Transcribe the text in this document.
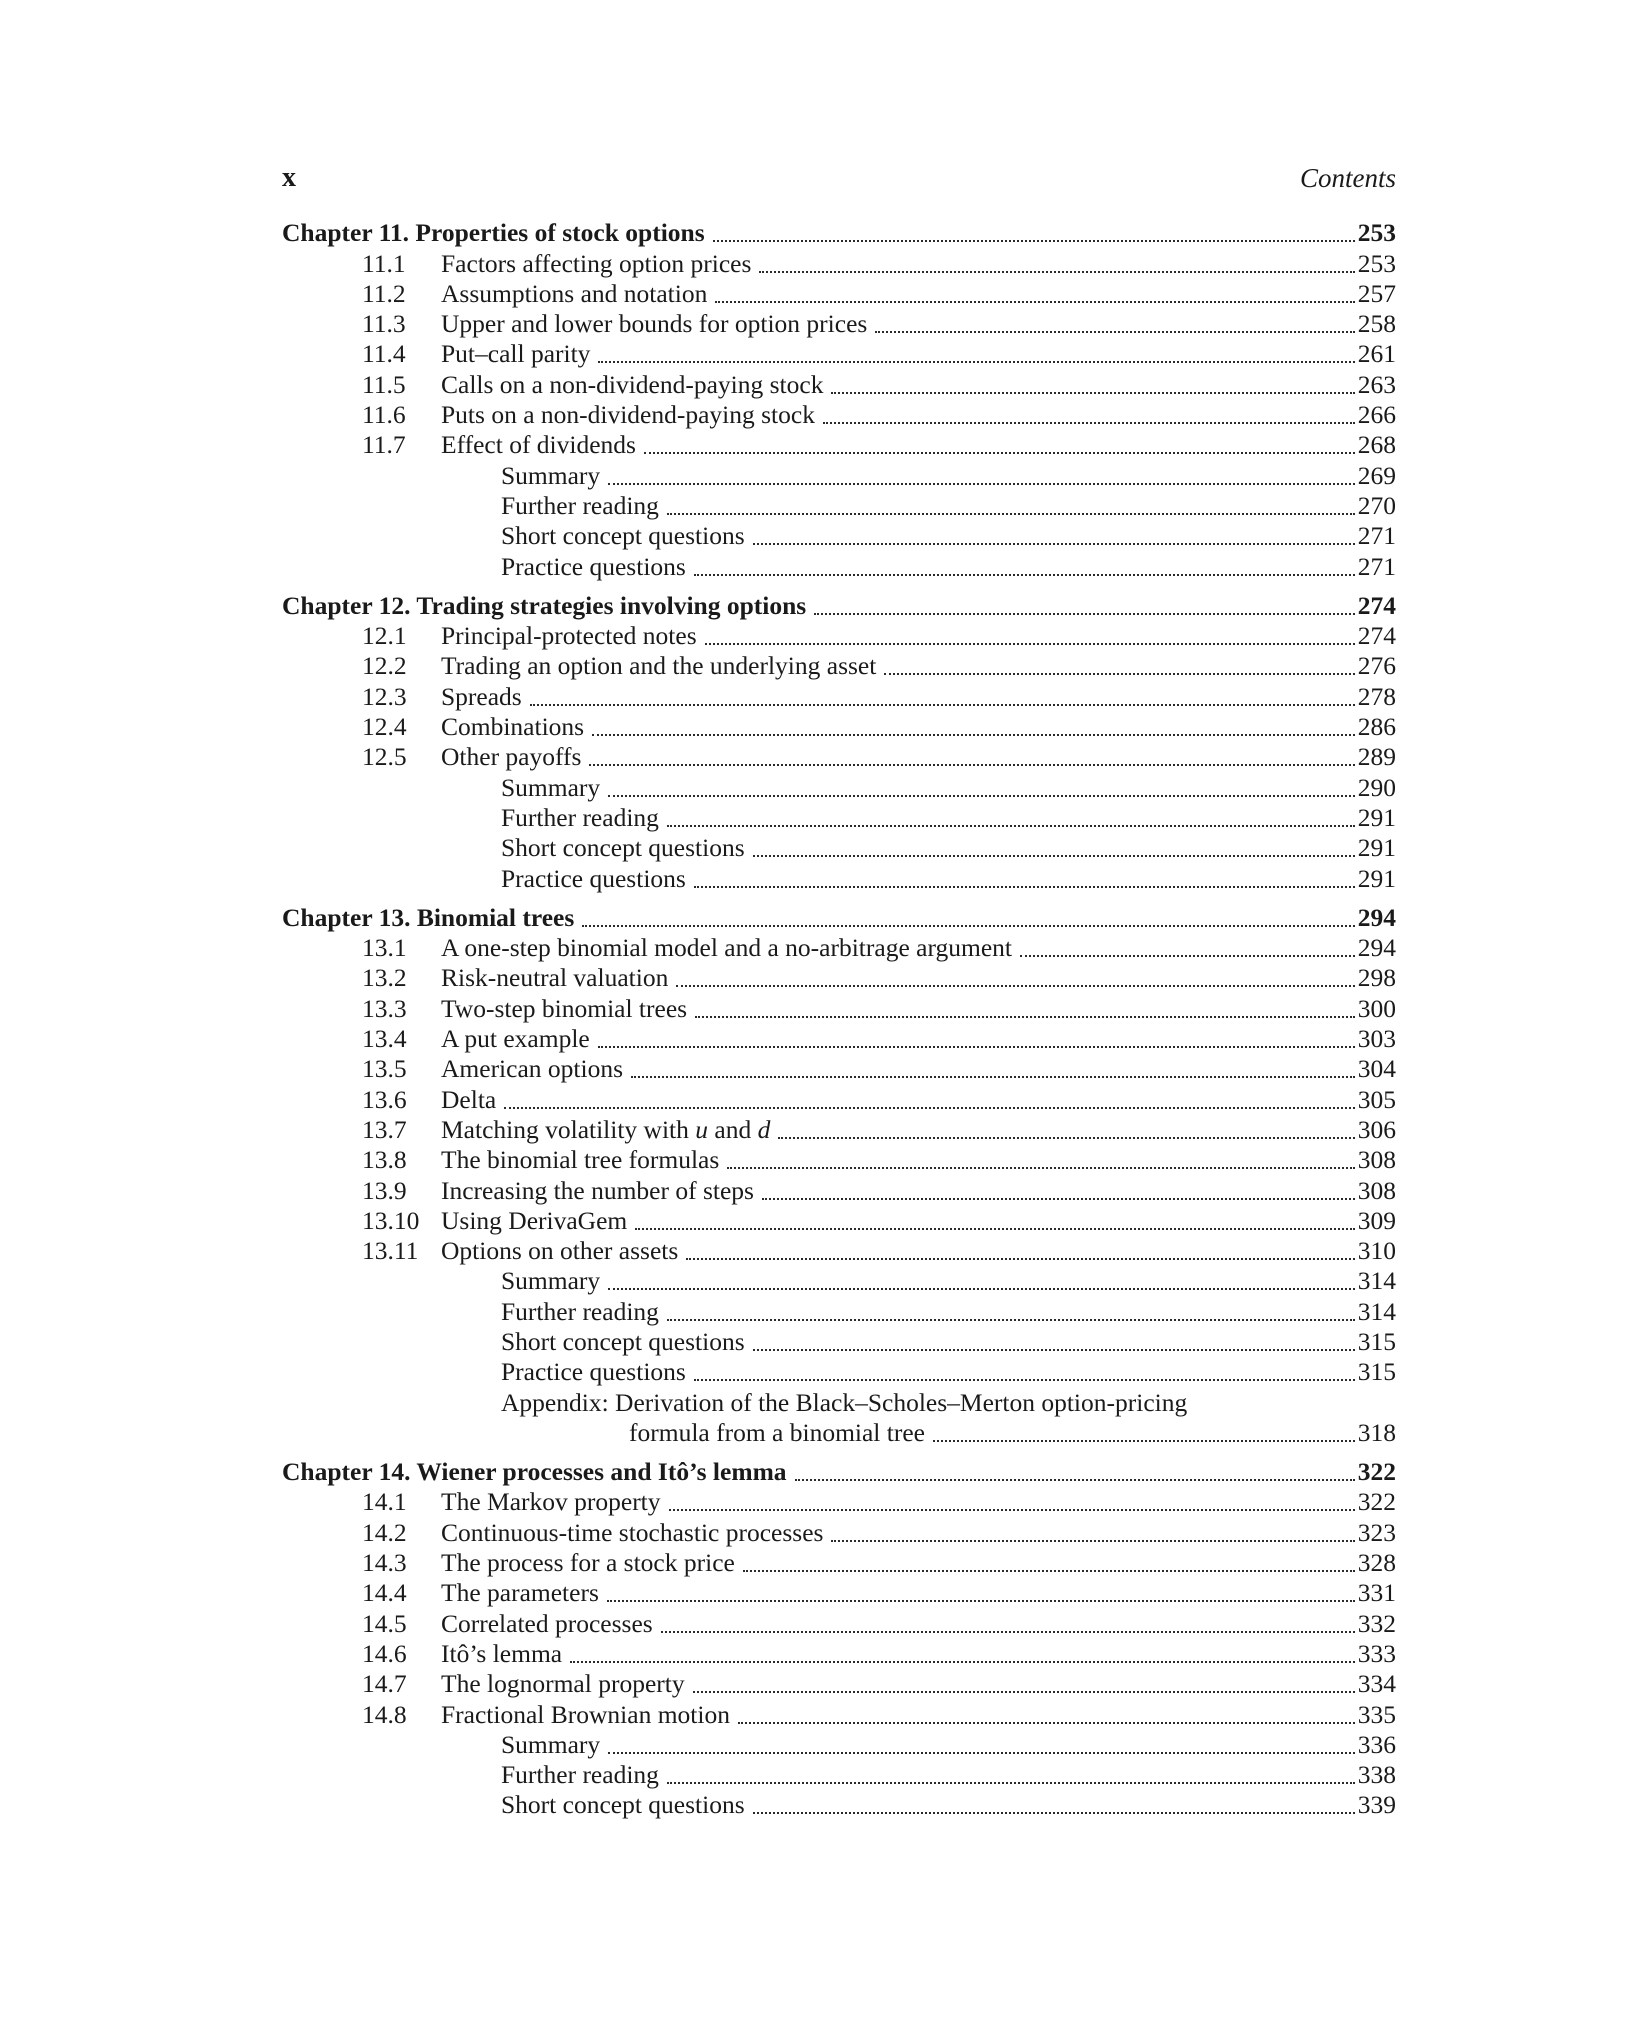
x	Contents
Chapter 11. Properties of stock options	253
11.1	Factors affecting option prices	253
11.2	Assumptions and notation	257
11.3	Upper and lower bounds for option prices	258
11.4	Put–call parity	261
11.5	Calls on a non-dividend-paying stock	263
11.6	Puts on a non-dividend-paying stock	266
11.7	Effect of dividends	268
Summary	269
Further reading	270
Short concept questions	271
Practice questions	271
Chapter 12. Trading strategies involving options	274
12.1	Principal-protected notes	274
12.2	Trading an option and the underlying asset	276
12.3	Spreads	278
12.4	Combinations	286
12.5	Other payoffs	289
Summary	290
Further reading	291
Short concept questions	291
Practice questions	291
Chapter 13. Binomial trees	294
13.1	A one-step binomial model and a no-arbitrage argument	294
13.2	Risk-neutral valuation	298
13.3	Two-step binomial trees	300
13.4	A put example	303
13.5	American options	304
13.6	Delta	305
13.7	Matching volatility with u and d	306
13.8	The binomial tree formulas	308
13.9	Increasing the number of steps	308
13.10 Using DerivaGem	309
13.11 Options on other assets	310
Summary	314
Further reading	314
Short concept questions	315
Practice questions	315
Appendix: Derivation of the Black–Scholes–Merton option-pricing
formula from a binomial tree	318
Chapter 14. Wiener processes and Itô’s lemma	322
14.1	The Markov property	322
14.2	Continuous-time stochastic processes	323
14.3	The process for a stock price	328
14.4	The parameters	331
14.5	Correlated processes	332
14.6	Itô’s lemma	333
14.7	The lognormal property	334
14.8	Fractional Brownian motion	335
Summary	336
Further reading	338
Short concept questions	339
